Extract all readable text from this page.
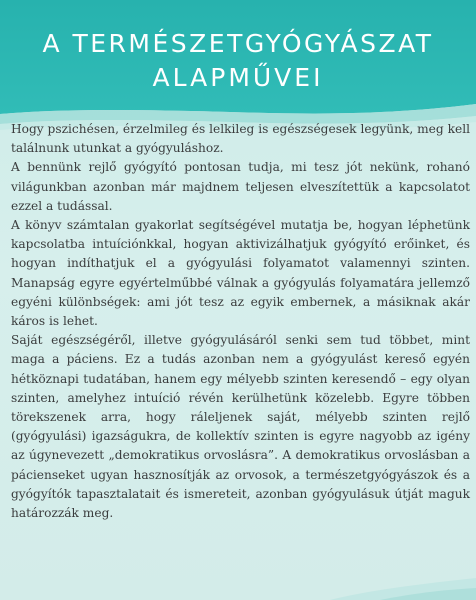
A TERMÉSZETGYÓGYÁSZAT
ALAPMŰVEI

Hogy pszichésen, érzelmileg és lelkileg is egészségesek legyünk, meg kell találnunk utunkat a gyógyuláshoz.

A bennünk rejlő gyógyító pontosan tudja, mi tesz jót nekünk, rohanó világunkban azonban már majdnem teljesen elveszítettük a kapcsolatot ezzel a tudással.

A könyv számtalan gyakorlat segítségével mutatja be, hogyan léphetünk kapcsolatba intuíciónkkal, hogyan aktivizálhatjuk gyógyító erőinket, és hogyan indíthatjuk el a gyógyulási folyamatot valamennyi szinten. Manapság egyre egyértelműbbé válnak a gyógyulás folyamatára jellemző egyéni különbségek: ami jót tesz az egyik embernek, a másiknak akár káros is lehet.

Saját egészségéről, illetve gyógyulásáról senki sem tud többet, mint maga a páciens. Ez a tudás azonban nem a gyógyulást kereső egyén hétköznapi tudatában, hanem egy mélyebb szinten keresendő – egy olyan szinten, amelyhez intuíció révén kerülhetünk közelebb. Egyre többen törekszenek arra, hogy ráleljenek saját, mélyebb szinten rejlő (gyógyulási) igazságukra, de kollektív szinten is egyre nagyobb az igény az úgynevezett „demokratikus orvoslásra”. A demokratikus orvoslásban a pácienseket ugyan hasznosítják az orvosok, a természetgyógyászok és a gyógyítók tapasztalatait és ismereteit, azonban gyógyulásuk útját maguk határozzák meg.
